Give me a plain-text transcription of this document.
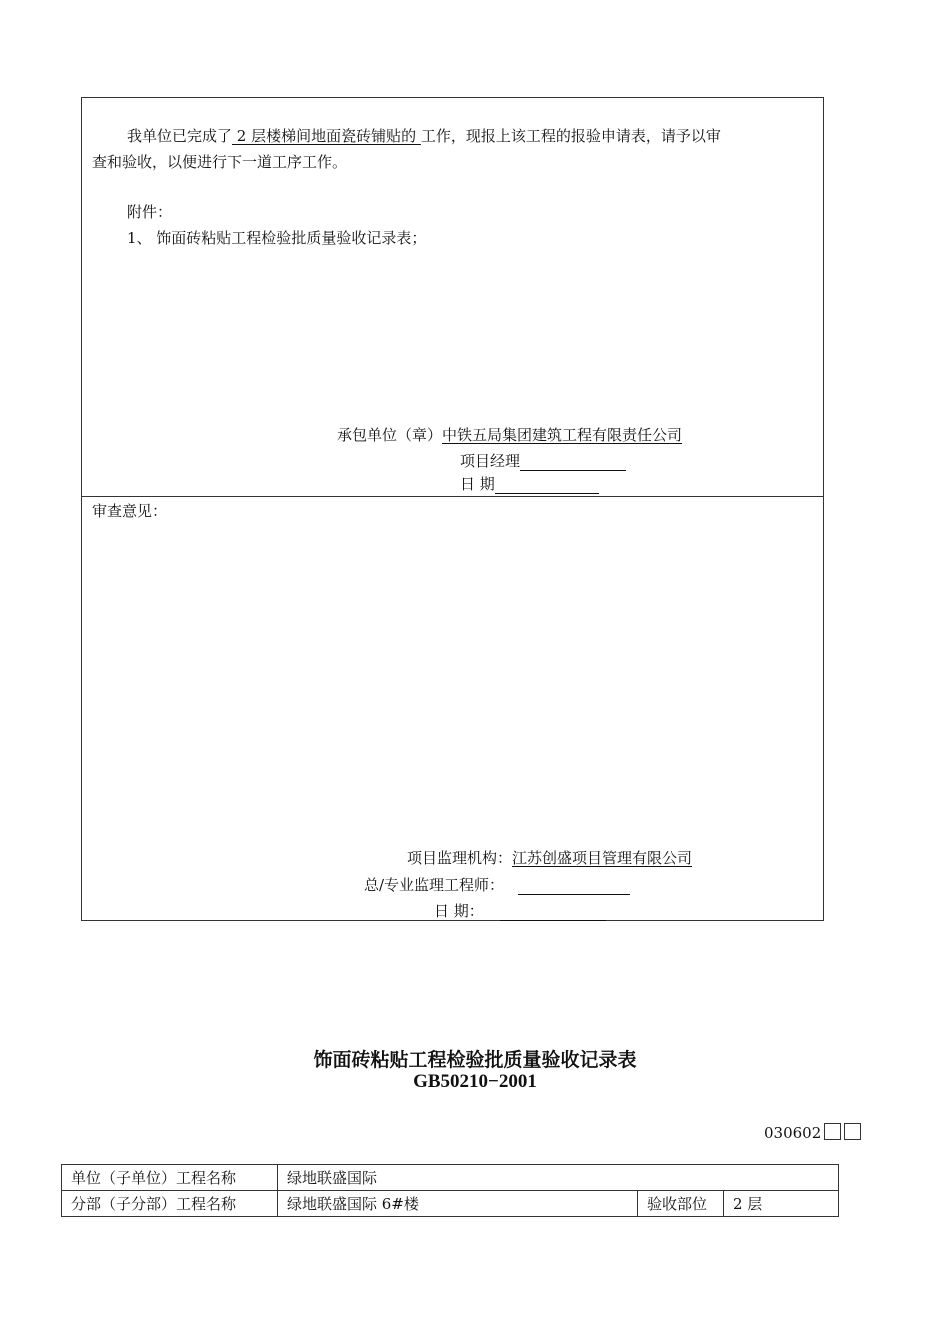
我单位已完成了 2 层楼梯间地面瓷砖铺贴的 工作，现报上该工程的报验申请表，请予以审
查和验收，以便进行下一道工序工作。
附件：
1、 饰面砖粘贴工程检验批质量验收记录表；
承包单位（章）中铁五局集团建筑工程有限责任公司
项目经理
日 期
审查意见：
项目监理机构：江苏创盛项目管理有限公司
总/专业监理工程师：
日 期：
饰面砖粘贴工程检验批质量验收记录表
GB50210−2001
030602
单位（子单位）工程名称	绿地联盛国际		
分部（子分部）工程名称	绿地联盛国际 6#楼	验收部位	2 层
